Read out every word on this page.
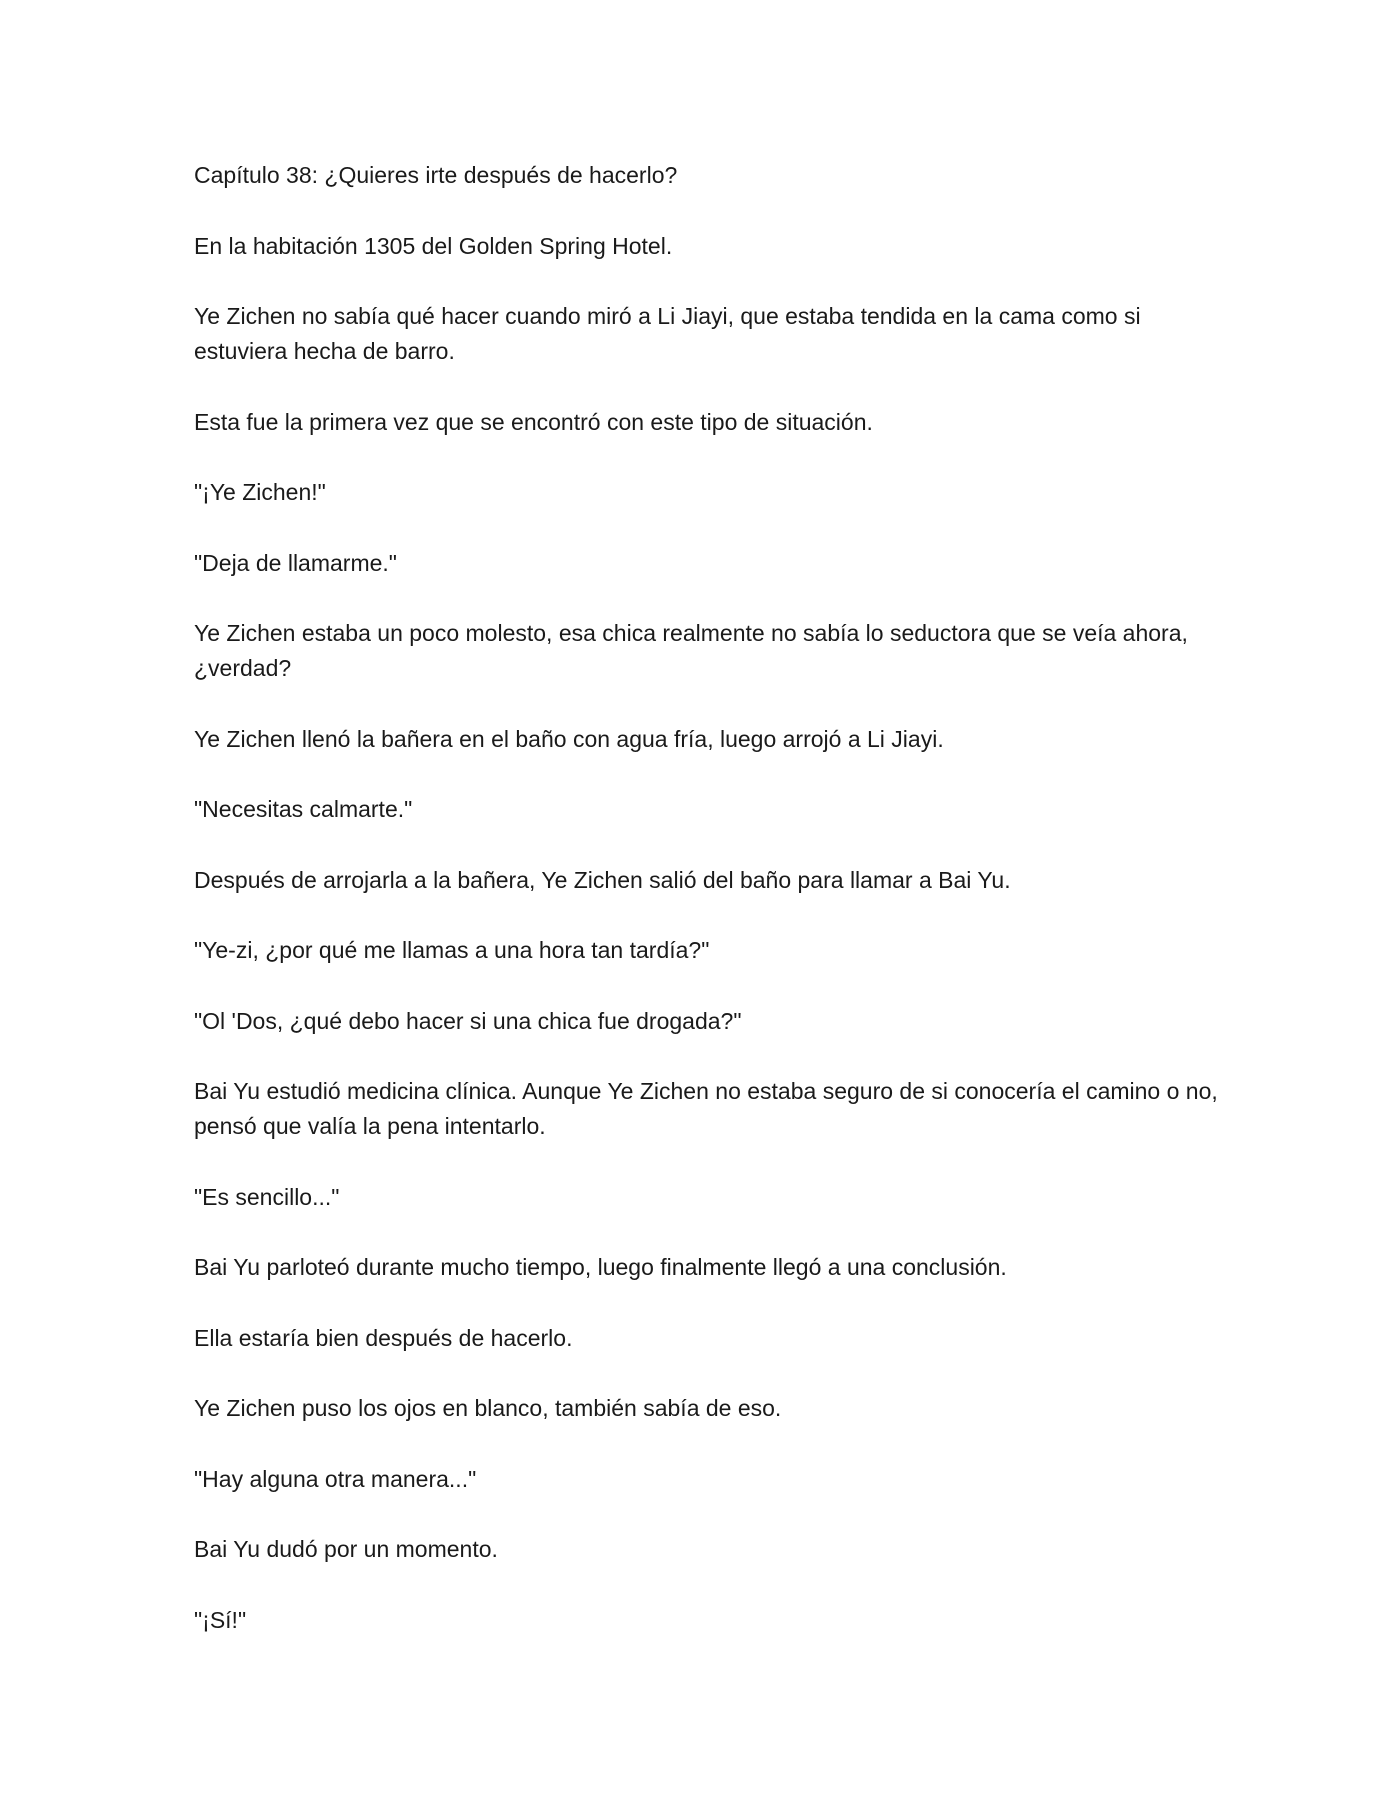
Capítulo 38: ¿Quieres irte después de hacerlo?

En la habitación 1305 del Golden Spring Hotel.

Ye Zichen no sabía qué hacer cuando miró a Li Jiayi, que estaba tendida en la cama como si estuviera hecha de barro.

Esta fue la primera vez que se encontró con este tipo de situación.

"¡Ye Zichen!"

"Deja de llamarme."

Ye Zichen estaba un poco molesto, esa chica realmente no sabía lo seductora que se veía ahora, ¿verdad?

Ye Zichen llenó la bañera en el baño con agua fría, luego arrojó a Li Jiayi.

"Necesitas calmarte."

Después de arrojarla a la bañera, Ye Zichen salió del baño para llamar a Bai Yu.

"Ye-zi, ¿por qué me llamas a una hora tan tardía?"

"Ol 'Dos, ¿qué debo hacer si una chica fue drogada?"

Bai Yu estudió medicina clínica. Aunque Ye Zichen no estaba seguro de si conocería el camino o no, pensó que valía la pena intentarlo.

"Es sencillo..."

Bai Yu parloteó durante mucho tiempo, luego finalmente llegó a una conclusión.

Ella estaría bien después de hacerlo.

Ye Zichen puso los ojos en blanco, también sabía de eso.

"Hay alguna otra manera..."

Bai Yu dudó por un momento.

"¡Sí!"
